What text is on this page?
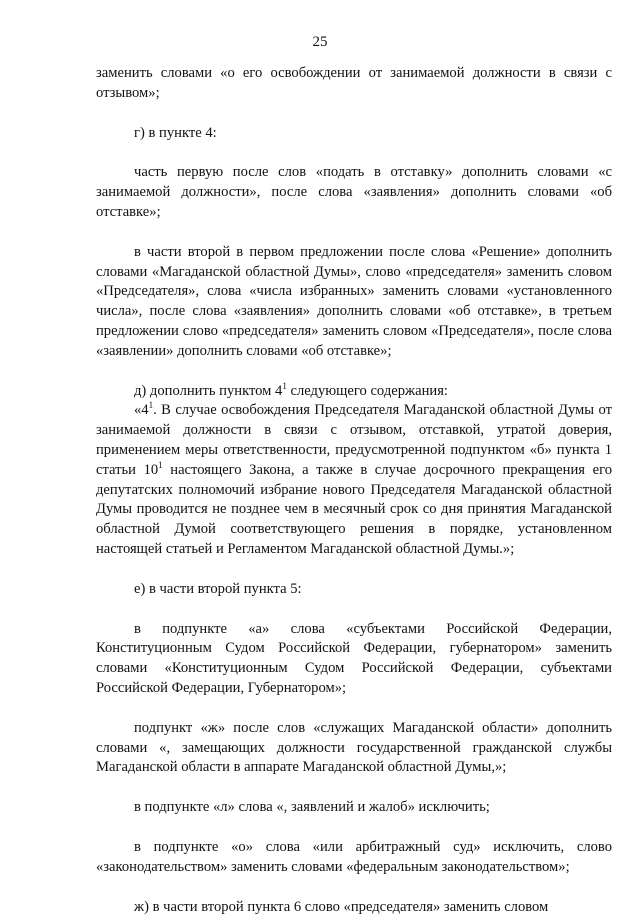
25

заменить словами «о его освобождении от занимаемой должности в связи с отзывом»;

г) в пункте 4:

часть первую после слов «подать в отставку» дополнить словами «с занимаемой должности», после слова «заявления» дополнить словами «об отставке»;

в части второй в первом предложении после слова «Решение» дополнить словами «Магаданской областной Думы», слово «председателя» заменить словом «Председателя», слова «числа избранных» заменить словами «установленного числа», после слова «заявления» дополнить словами «об отставке», в третьем предложении слово «председателя» заменить словом «Председателя», после слова «заявлении» дополнить словами «об отставке»;

д) дополнить пунктом $4^1$ следующего содержания:

«$4^1$. В случае освобождения Председателя Магаданской областной Думы от занимаемой должности в связи с отзывом, отставкой, утратой доверия, применением меры ответственности, предусмотренной подпунктом «б» пункта 1 статьи $10^1$ настоящего Закона, а также в случае досрочного прекращения его депутатских полномочий избрание нового Председателя Магаданской областной Думы проводится не позднее чем в месячный срок со дня принятия Магаданской областной Думой соответствующего решения в порядке, установленном настоящей статьей и Регламентом Магаданской областной Думы.»;

е) в части второй пункта 5:

в подпункте «а» слова «субъектами Российской Федерации, Конституционным Судом Российской Федерации, губернатором» заменить словами «Конституционным Судом Российской Федерации, субъектами Российской Федерации, Губернатором»;

подпункт «ж» после слов «служащих Магаданской области» дополнить словами «, замещающих должности государственной гражданской службы Магаданской области в аппарате Магаданской областной Думы,»;

в подпункте «л» слова «, заявлений и жалоб» исключить;

в подпункте «о» слова «или арбитражный суд» исключить, слово «законодательством» заменить словами «федеральным законодательством»;

ж) в части второй пункта 6 слово «председателя» заменить словом
